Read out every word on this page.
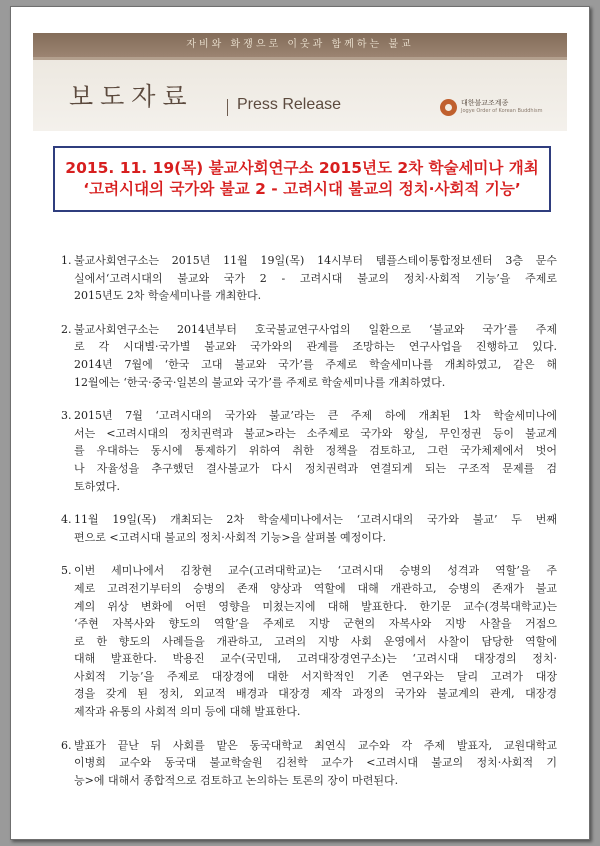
자비와 화쟁으로 이웃과 함께하는 불교
보도자료	Press Release	대한불교조계종
Jogye Order of Korean Buddhism
2015. 11. 19(목) 불교사회연구소 2015년도 2차 학술세미나 개최
‘고려시대의 국가와 불교 2 - 고려시대 불교의 정치·사회적 기능’
1. 불교사회연구소는 2015년 11월 19일(목) 14시부터 템플스테이통합정보센터 3층 문수
실에서‘고려시대의 불교와 국가 2 - 고려시대 불교의 정치·사회적 기능’을 주제로
2015년도 2차 학술세미나를 개최한다.
2. 불교사회연구소는 2014년부터 호국불교연구사업의 일환으로 ‘불교와 국가’를 주제
로 각 시대별·국가별 불교와 국가와의 관계를 조망하는 연구사업을 진행하고 있다.
2014년 7월에 ‘한국 고대 불교와 국가’를 주제로 학술세미나를 개최하였고, 같은 해
12월에는 ‘한국·중국·일본의 불교와 국가’를 주제로 학술세미나를 개최하였다.
3. 2015년 7월 ‘고려시대의 국가와 불교’라는 큰 주제 하에 개최된 1차 학술세미나에
서는 <고려시대의 정치권력과 불교>라는 소주제로 국가와 왕실, 무인정권 등이 불교계
를 우대하는 동시에 통제하기 위하여 취한 정책을 검토하고, 그런 국가체제에서 벗어
나 자율성을 추구했던 결사불교가 다시 정치권력과 연결되게 되는 구조적 문제를 검
토하였다.
4. 11월 19일(목) 개최되는 2차 학술세미나에서는 ‘고려시대의 국가와 불교’ 두 번째
편으로 <고려시대 불교의 정치·사회적 기능>을 살펴볼 예정이다.
5. 이번 세미나에서 김창현 교수(고려대학교)는 ‘고려시대 승병의 성격과 역할’을 주
제로 고려전기부터의 승병의 존재 양상과 역할에 대해 개관하고, 승병의 존재가 불교
계의 위상 변화에 어떤 영향을 미쳤는지에 대해 발표한다. 한기문 교수(경북대학교)는
‘주현 자복사와 향도의 역할’을 주제로 지방 군현의 자복사와 지방 사찰을 거점으
로 한 향도의 사례들을 개관하고, 고려의 지방 사회 운영에서 사찰이 담당한 역할에
대해 발표한다. 박용진 교수(국민대, 고려대장경연구소)는 ‘고려시대 대장경의 정치·
사회적 기능’을 주제로 대장경에 대한 서지학적인 기존 연구와는 달리 고려가 대장
경을 갖게 된 정치, 외교적 배경과 대장경 제작 과정의 국가와 불교계의 관계, 대장경
제작과 유통의 사회적 의미 등에 대해 발표한다.
6. 발표가 끝난 뒤 사회를 맡은 동국대학교 최연식 교수와 각 주제 발표자, 교원대학교
이병희 교수와 동국대 불교학술원 김천학 교수가 <고려시대 불교의 정치·사회적 기
능>에 대해서 종합적으로 검토하고 논의하는 토론의 장이 마련된다.
